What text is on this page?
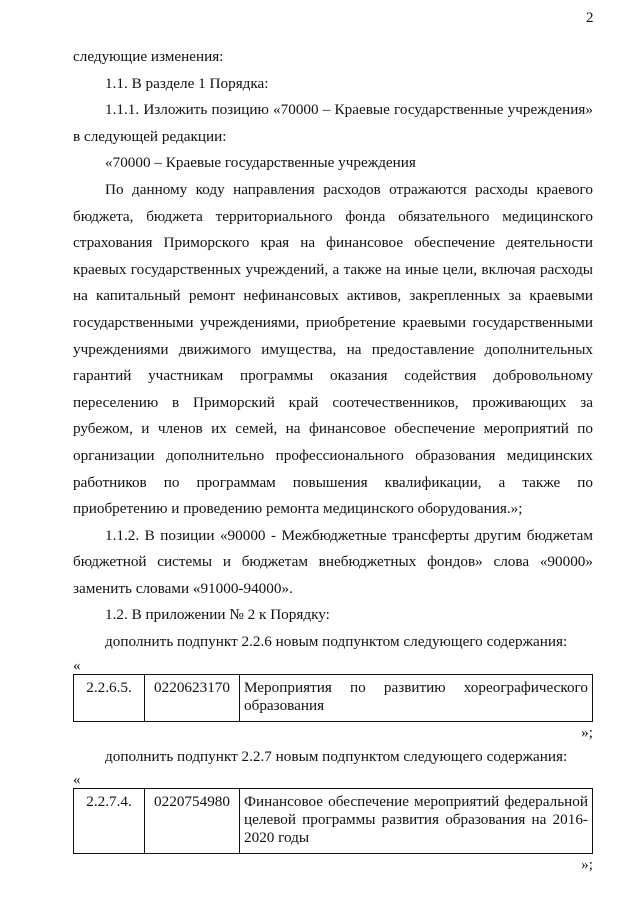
2

следующие изменения:

1.1. В разделе 1 Порядка:

1.1.1. Изложить позицию «70000 – Краевые государственные учреждения» в следующей редакции:

«70000 – Краевые государственные учреждения

По данному коду направления расходов отражаются расходы краевого бюджета, бюджета территориального фонда обязательного медицинского страхования Приморского края на финансовое обеспечение деятельности краевых государственных учреждений, а также на иные цели, включая расходы на капитальный ремонт нефинансовых активов, закрепленных за краевыми государственными учреждениями, приобретение краевыми государственными учреждениями движимого имущества, на предоставление дополнительных гарантий участникам программы оказания содействия добровольному переселению в Приморский край соотечественников, проживающих за рубежом, и членов их семей, на финансовое обеспечение мероприятий по организации дополнительно профессионального образования медицинских работников по программам повышения квалификации, а также по приобретению и проведению ремонта медицинского оборудования.»;

1.1.2. В позиции «90000 - Межбюджетные трансферты другим бюджетам бюджетной системы и бюджетам внебюджетных фондов» слова «90000» заменить словами «91000-94000».

1.2. В приложении № 2 к Порядку:

дополнить подпункт 2.2.6 новым подпунктом следующего содержания:

«
2.2.6.5.	0220623170	Мероприятия по развитию хореографического образования
»;

дополнить подпункт 2.2.7 новым подпунктом следующего содержания:

«
2.2.7.4.	0220754980	Финансовое обеспечение мероприятий федеральной целевой программы развития образования на 2016-2020 годы
»;
